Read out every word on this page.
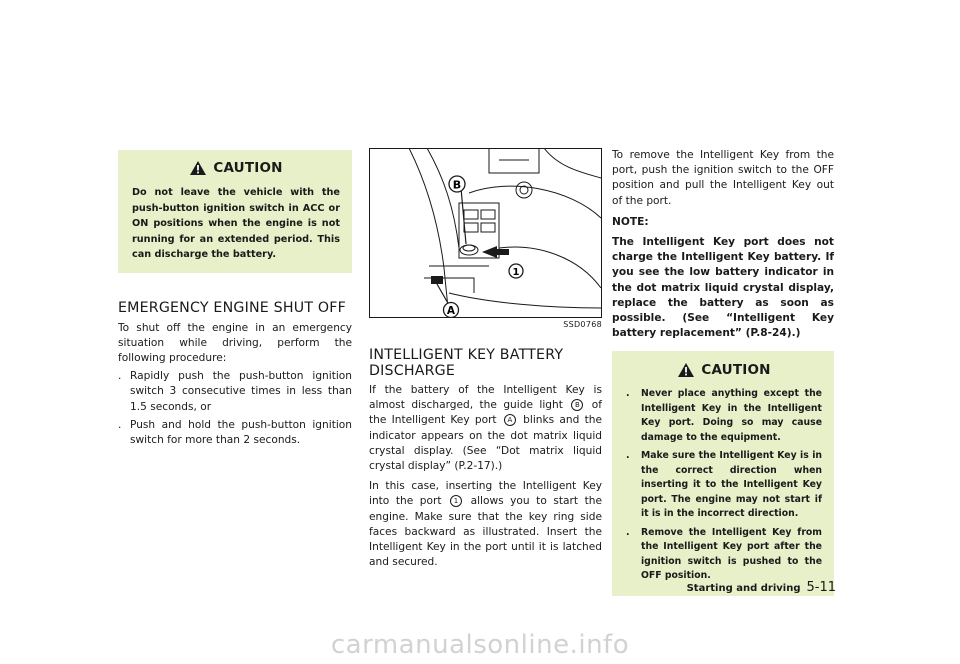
CAUTION
Do not leave the vehicle with the push-button ignition switch in ACC or ON positions when the engine is not running for an extended period. This can discharge the battery.
EMERGENCY ENGINE SHUT OFF

To shut off the engine in an emergency situation while driving, perform the following procedure:

. Rapidly push the push-button ignition switch 3 consecutive times in less than 1.5 seconds, or
. Push and hold the push-button ignition switch for more than 2 seconds.
B
1
A
SSD0768
INTELLIGENT KEY BATTERY DISCHARGE

If the battery of the Intelligent Key is almost discharged, the guide light B of the Intelligent Key port A blinks and the indicator appears on the dot matrix liquid crystal display. (See “Dot matrix liquid crystal display” (P.2-17).)

In this case, inserting the Intelligent Key into the port 1 allows you to start the engine. Make sure that the key ring side faces backward as illustrated. Insert the Intelligent Key in the port until it is latched and secured.

To remove the Intelligent Key from the port, push the ignition switch to the OFF position and pull the Intelligent Key out of the port.

NOTE:

The Intelligent Key port does not charge the Intelligent Key battery. If you see the low battery indicator in the dot matrix liquid crystal display, replace the battery as soon as possible. (See “Intelligent Key battery replacement” (P.8-24).)

CAUTION
.	Never place anything except the Intelligent Key in the Intelligent Key port. Doing so may cause damage to the equipment.
.	Make sure the Intelligent Key is in the correct direction when inserting it to the Intelligent Key port. The engine may not start if it is in the incorrect direction.
.	Remove the Intelligent Key from the Intelligent Key port after the ignition switch is pushed to the OFF position.
Starting and driving 5-11
carmanualsonline.info
